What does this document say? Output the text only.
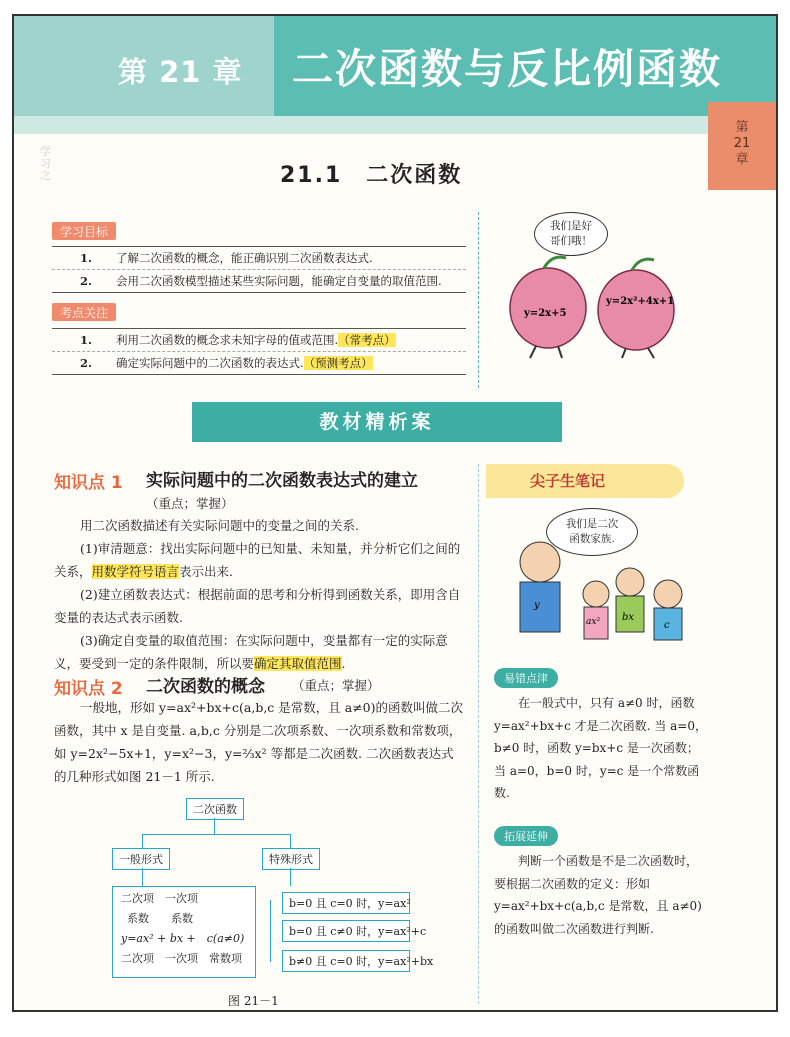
第 21 章 二次函数与反比例函数
第
21
章
学
习
之	21.1　二次函数
学习目标
1. 了解二次函数的概念，能正确识别二次函数表达式.
2. 会用二次函数模型描述某些实际问题，能确定自变量的取值范围.
考点关注
1. 利用二次函数的概念求未知字母的值或范围.（常考点）
2. 确定实际问题中的二次函数的表达式.（预测考点）
y=2x+5
y=2x²+4x+1
我们是好
哥们哦！
教材精析案
知识点 1 实际问题中的二次函数表达式的建立
（重点；掌握）
用二次函数描述有关实际问题中的变量之间的关系.
(1)审清题意：找出实际问题中的已知量、未知量，并分析它们之间的关系，用数学符号语言表示出来.
(2)建立函数表达式：根据前面的思考和分析得到函数关系，即用含自变量的表达式表示函数.
(3)确定自变量的取值范围：在实际问题中，变量都有一定的实际意义，要受到一定的条件限制，所以要确定其取值范围.
知识点 2 二次函数的概念 （重点；掌握）
一般地，形如 y=ax²+bx+c(a,b,c 是常数，且 a≠0)的函数叫做二次函数，其中 x 是自变量. a,b,c 分别是二次项系数、一次项系数和常数项，如 y=2x²−5x+1，y=x²−3，y=⅔x² 等都是二次函数. 二次函数表达式的几种形式如图 21－1 所示.
二次函数
一般形式	特殊形式
二次项　一次项
系数　　系数
y=ax² + bx +　c(a≠0)
二次项　一次项　常数项
b=0 且 c=0 时，y=ax²
b=0 且 c≠0 时，y=ax²+c
b≠0 且 c=0 时，y=ax²+bx
图 21－1
尖子生笔记
我们是二次
函数家族.
y
ax² bx
c
易错点津
在一般式中，只有 a≠0 时，函数 y=ax²+bx+c 才是二次函数. 当 a=0，b≠0 时，函数 y=bx+c 是一次函数；当 a=0，b=0 时，y=c 是一个常数函数.
拓展延伸
判断一个函数是不是二次函数时，要根据二次函数的定义：形如 y=ax²+bx+c(a,b,c 是常数，且 a≠0) 的函数叫做二次函数进行判断.
